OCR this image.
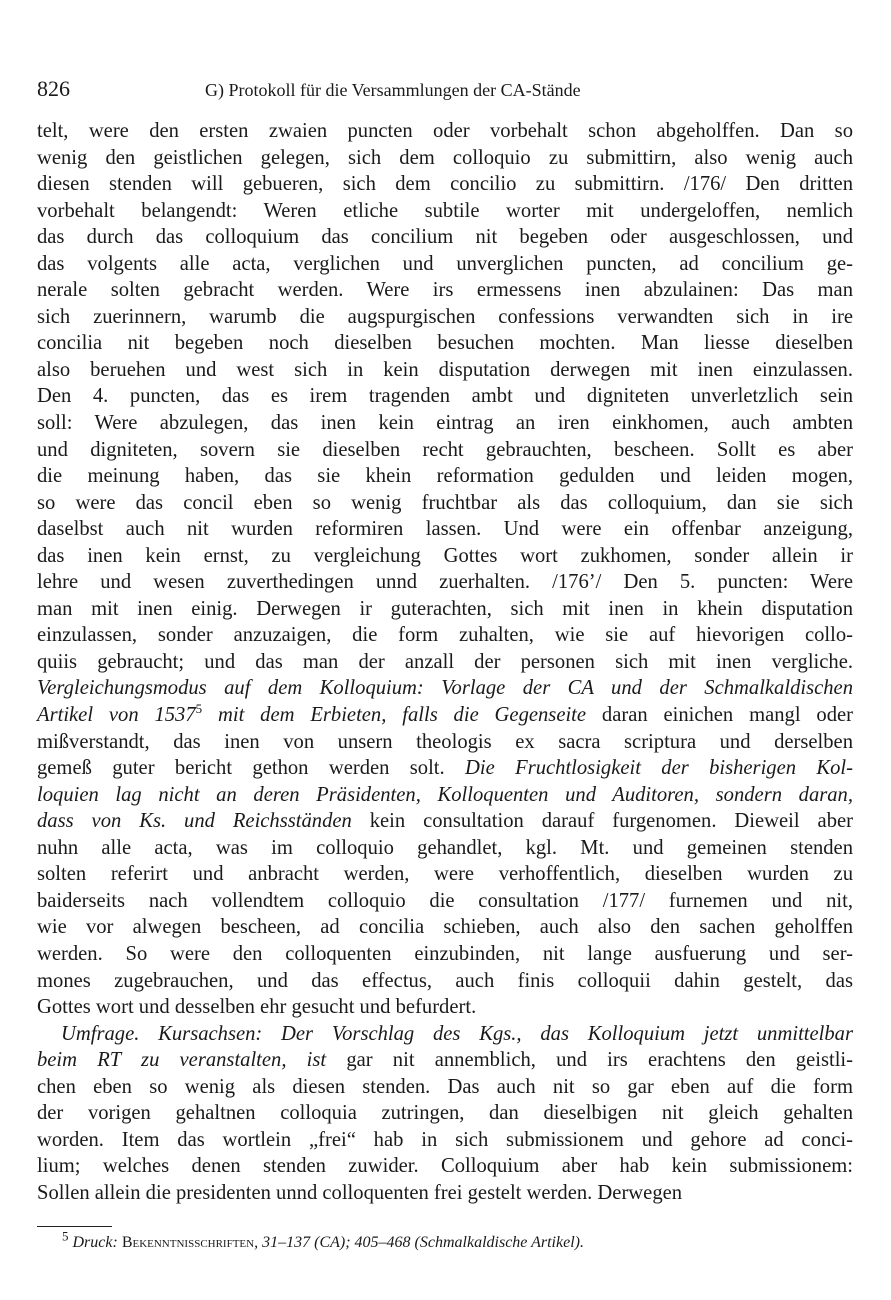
826	G) Protokoll für die Versammlungen der CA-Stände
telt, were den ersten zwaien puncten oder vorbehalt schon abgeholffen. Dan so
wenig den geistlichen gelegen, sich dem colloquio zu submittirn, also wenig auch
diesen stenden will gebueren, sich dem concilio zu submittirn. /176/ Den dritten
vorbehalt belangendt: Weren etliche subtile worter mit undergeloffen, nemlich
das durch das colloquium das concilium nit begeben oder ausgeschlossen, und
das volgents alle acta, verglichen und unverglichen puncten, ad concilium ge-
nerale solten gebracht werden. Were irs ermessens inen abzulainen: Das man
sich zuerinnern, warumb die augspurgischen confessions verwandten sich in ire
concilia nit begeben noch dieselben besuchen mochten. Man liesse dieselben
also beruehen und west sich in kein disputation derwegen mit inen einzulassen.
Den 4. puncten, das es irem tragenden ambt und digniteten unverletzlich sein
soll: Were abzulegen, das inen kein eintrag an iren einkhomen, auch ambten
und digniteten, sovern sie dieselben recht gebrauchten, bescheen. Sollt es aber
die meinung haben, das sie khein reformation gedulden und leiden mogen,
so were das concil eben so wenig fruchtbar als das colloquium, dan sie sich
daselbst auch nit wurden reformiren lassen. Und were ein offenbar anzeigung,
das inen kein ernst, zu vergleichung Gottes wort zukhomen, sonder allein ir
lehre und wesen zuverthedingen unnd zuerhalten. /176’/ Den 5. puncten: Were
man mit inen einig. Derwegen ir guterachten, sich mit inen in khein disputation
einzulassen, sonder anzuzaigen, die form zuhalten, wie sie auf hievorigen collo-
quiis gebraucht; und das man der anzall der personen sich mit inen vergliche.
Vergleichungsmodus auf dem Kolloquium: Vorlage der CA und der Schmalkaldischen
Artikel von 1537$^5$ mit dem Erbieten, falls die Gegenseite daran einichen mangl oder
mißverstandt, das inen von unsern theologis ex sacra scriptura und derselben
gemeß guter bericht gethon werden solt. Die Fruchtlosigkeit der bisherigen Kol-
loquien lag nicht an deren Präsidenten, Kolloquenten und Auditoren, sondern daran,
dass von Ks. und Reichsständen kein consultation darauf furgenomen. Dieweil aber
nuhn alle acta, was im colloquio gehandlet, kgl. Mt. und gemeinen stenden
solten referirt und anbracht werden, were verhoffentlich, dieselben wurden zu
baiderseits nach vollendtem colloquio die consultation /177/ furnemen und nit,
wie vor alwegen bescheen, ad concilia schieben, auch also den sachen geholffen
werden. So were den colloquenten einzubinden, nit lange ausfuerung und ser-
mones zugebrauchen, und das effectus, auch finis colloquii dahin gestelt, das
Gottes wort und desselben ehr gesucht und befurdert.
Umfrage. Kursachsen: Der Vorschlag des Kgs., das Kolloquium jetzt unmittelbar
beim RT zu veranstalten, ist gar nit annemblich, und irs erachtens den geistli-
chen eben so wenig als diesen stenden. Das auch nit so gar eben auf die form
der vorigen gehaltnen colloquia zutringen, dan dieselbigen nit gleich gehalten
worden. Item das wortlein „frei“ hab in sich submissionem und gehore ad conci-
lium; welches denen stenden zuwider. Colloquium aber hab kein submissionem:
Sollen allein die presidenten unnd colloquenten frei gestelt werden. Derwegen
$^5$ Druck: Bekenntnisschriften, 31–137 (CA); 405–468 (Schmalkaldische Artikel).
